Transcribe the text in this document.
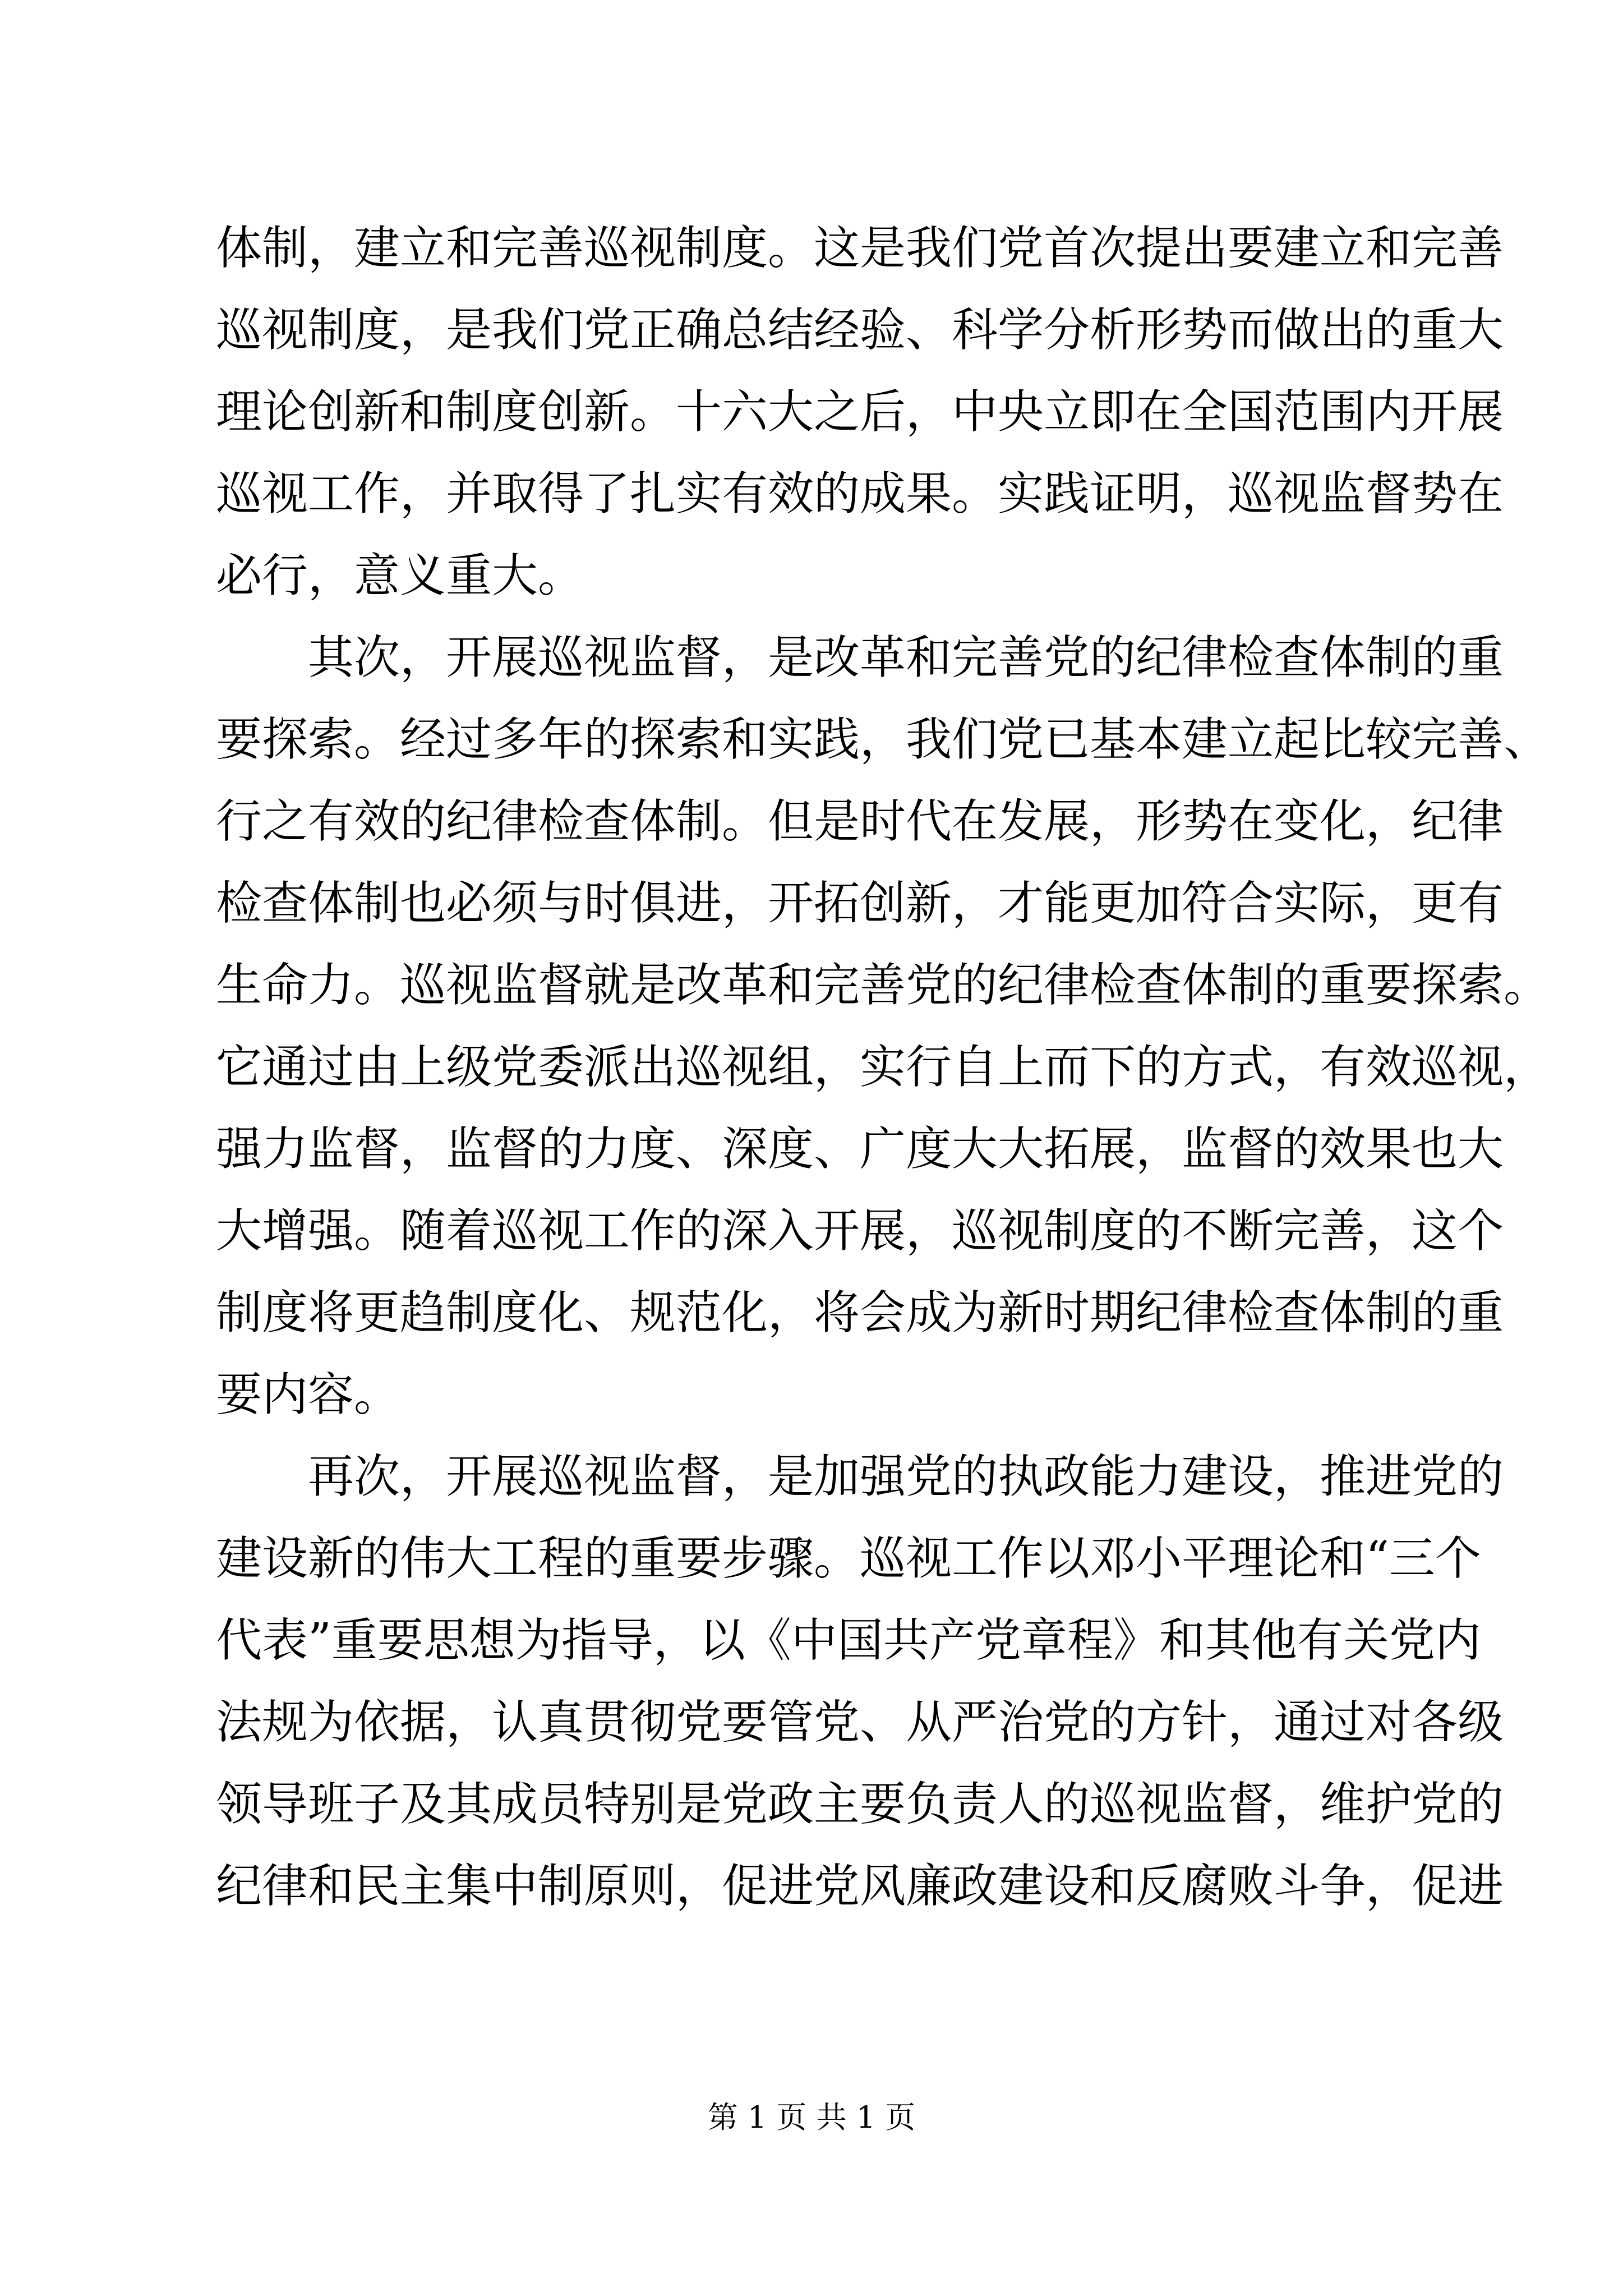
体制，建立和完善巡视制度。这是我们党首次提出要建立和完善
巡视制度，是我们党正确总结经验、科学分析形势而做出的重大
理论创新和制度创新。十六大之后，中央立即在全国范围内开展
巡视工作，并取得了扎实有效的成果。实践证明，巡视监督势在
必行，意义重大。
其次，开展巡视监督，是改革和完善党的纪律检查体制的重
要探索。经过多年的探索和实践，我们党已基本建立起比较完善、
行之有效的纪律检查体制。但是时代在发展，形势在变化，纪律
检查体制也必须与时俱进，开拓创新，才能更加符合实际，更有
生命力。巡视监督就是改革和完善党的纪律检查体制的重要探索。
它通过由上级党委派出巡视组，实行自上而下的方式，有效巡视，
强力监督，监督的力度、深度、广度大大拓展，监督的效果也大
大增强。随着巡视工作的深入开展，巡视制度的不断完善，这个
制度将更趋制度化、规范化，将会成为新时期纪律检查体制的重
要内容。
再次，开展巡视监督，是加强党的执政能力建设，推进党的
建设新的伟大工程的重要步骤。巡视工作以邓小平理论和“三个
代表”重要思想为指导，以《中国共产党章程》和其他有关党内
法规为依据，认真贯彻党要管党、从严治党的方针，通过对各级
领导班子及其成员特别是党政主要负责人的巡视监督，维护党的
纪律和民主集中制原则，促进党风廉政建设和反腐败斗争，促进
第 1 页 共 1 页
